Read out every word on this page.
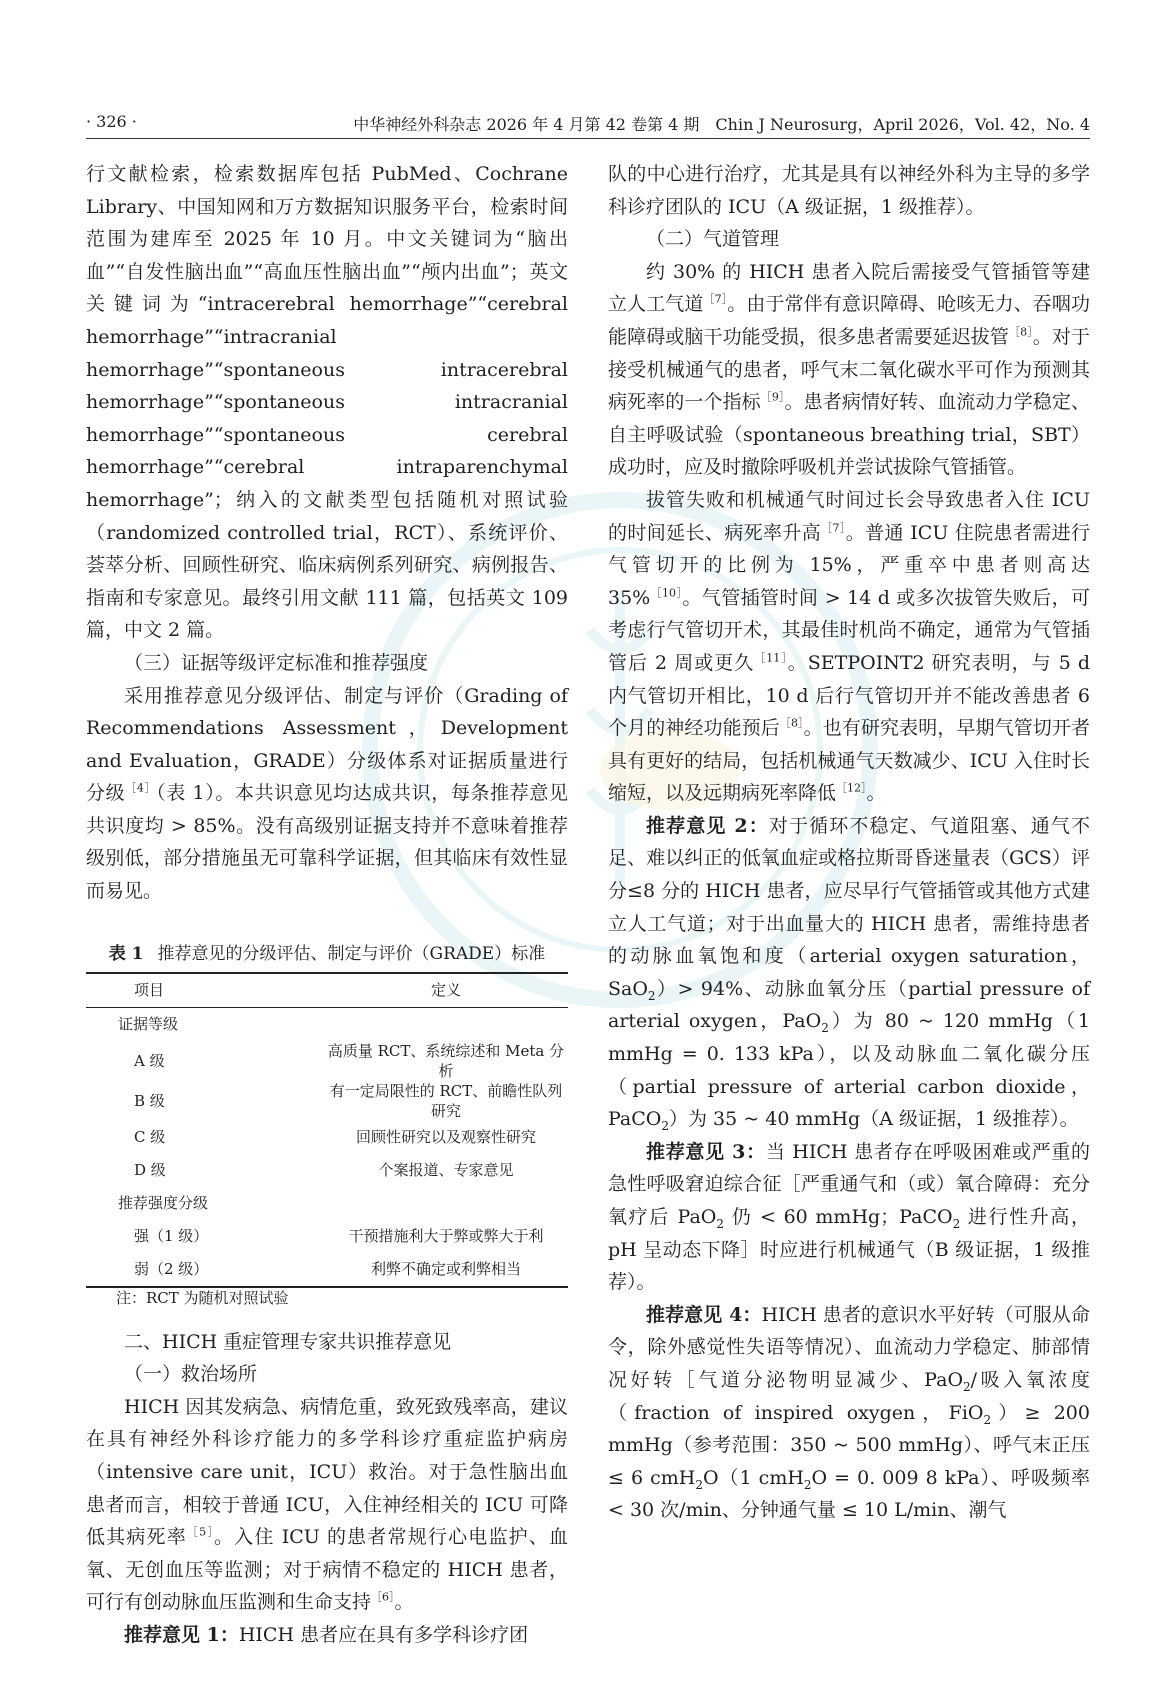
· 326 ·	中华神经外科杂志 2026 年 4 月第 42 卷第 4 期　Chin J Neurosurg，April 2026，Vol. 42，No. 4

行文献检索，检索数据库包括 PubMed、Cochrane Library、中国知网和万方数据知识服务平台，检索时间范围为建库至 2025 年 10 月。中文关键词为“脑出血”“自发性脑出血”“高血压性脑出血”“颅内出血”；英文关键词为“intracerebral hemorrhage”“cerebral hemorrhage”“intracranial hemorrhage”“spontaneous intracerebral hemorrhage”“spontaneous intracranial hemorrhage”“spontaneous cerebral hemorrhage”“cerebral intraparenchymal hemorrhage”；纳入的文献类型包括随机对照试验（randomized controlled trial，RCT）、系统评价、荟萃分析、回顾性研究、临床病例系列研究、病例报告、指南和专家意见。最终引用文献 111 篇，包括英文 109 篇，中文 2 篇。

（三）证据等级评定标准和推荐强度

采用推荐意见分级评估、制定与评价（Grading of Recommendations Assessment，Development and Evaluation，GRADE）分级体系对证据质量进行分级$^{[4]}$（表 1）。本共识意见均达成共识，每条推荐意见共识度均 > 85%。没有高级别证据支持并不意味着推荐级别低，部分措施虽无可靠科学证据，但其临床有效性显而易见。

表 1 推荐意见的分级评估、制定与评价（GRADE）标准
项目	定义
证据等级	
A 级	高质量 RCT、系统综述和 Meta 分析
B 级	有一定局限性的 RCT、前瞻性队列研究
C 级	回顾性研究以及观察性研究
D 级	个案报道、专家意见
推荐强度分级	
强（1 级）	干预措施利大于弊或弊大于利
弱（2 级）	利弊不确定或利弊相当

注：RCT 为随机对照试验

二、HICH 重症管理专家共识推荐意见

（一）救治场所

HICH 因其发病急、病情危重，致死致残率高，建议在具有神经外科诊疗能力的多学科诊疗重症监护病房（intensive care unit，ICU）救治。对于急性脑出血患者而言，相较于普通 ICU，入住神经相关的 ICU 可降低其病死率$^{[5]}$。入住 ICU 的患者常规行心电监护、血氧、无创血压等监测；对于病情不稳定的 HICH 患者，可行有创动脉血压监测和生命支持$^{[6]}$。

推荐意见 1：HICH 患者应在具有多学科诊疗团

队的中心进行治疗，尤其是具有以神经外科为主导的多学科诊疗团队的 ICU（A 级证据，1 级推荐）。

（二）气道管理

约 30% 的 HICH 患者入院后需接受气管插管等建立人工气道$^{[7]}$。由于常伴有意识障碍、呛咳无力、吞咽功能障碍或脑干功能受损，很多患者需要延迟拔管$^{[8]}$。对于接受机械通气的患者，呼气末二氧化碳水平可作为预测其病死率的一个指标$^{[9]}$。患者病情好转、血流动力学稳定、自主呼吸试验（spontaneous breathing trial，SBT）成功时，应及时撤除呼吸机并尝试拔除气管插管。

拔管失败和机械通气时间过长会导致患者入住 ICU 的时间延长、病死率升高$^{[7]}$。普通 ICU 住院患者需进行气管切开的比例为 15%，严重卒中患者则高达 35%$^{[10]}$。气管插管时间 > 14 d 或多次拔管失败后，可考虑行气管切开术，其最佳时机尚不确定，通常为气管插管后 2 周或更久$^{[11]}$。SETPOINT2 研究表明，与 5 d 内气管切开相比，10 d 后行气管切开并不能改善患者 6 个月的神经功能预后$^{[8]}$。也有研究表明，早期气管切开者具有更好的结局，包括机械通气天数减少、ICU 入住时长缩短，以及远期病死率降低$^{[12]}$。

推荐意见 2：对于循环不稳定、气道阻塞、通气不足、难以纠正的低氧血症或格拉斯哥昏迷量表（GCS）评分≤8 分的 HICH 患者，应尽早行气管插管或其他方式建立人工气道；对于出血量大的 HICH 患者，需维持患者的动脉血氧饱和度（arterial oxygen saturation，SaO$_2$）> 94%、动脉血氧分压（partial pressure of arterial oxygen，PaO$_2$）为 80 ~ 120 mmHg（1 mmHg = 0. 133 kPa），以及动脉血二氧化碳分压（partial pressure of arterial carbon dioxide，PaCO$_2$）为 35 ~ 40 mmHg（A 级证据，1 级推荐）。

推荐意见 3：当 HICH 患者存在呼吸困难或严重的急性呼吸窘迫综合征［严重通气和（或）氧合障碍：充分氧疗后 PaO$_2$ 仍 < 60 mmHg；PaCO$_2$ 进行性升高，pH 呈动态下降］时应进行机械通气（B 级证据，1 级推荐）。

推荐意见 4：HICH 患者的意识水平好转（可服从命令，除外感觉性失语等情况）、血流动力学稳定、肺部情况好转［气道分泌物明显减少、PaO$_2$/吸入氧浓度（fraction of inspired oxygen，FiO$_2$）≥ 200 mmHg（参考范围：350 ~ 500 mmHg）、呼气末正压 ≤ 6 cmH$_2$O（1 cmH$_2$O = 0. 009 8 kPa）、呼吸频率 < 30 次/min、分钟通气量 ≤ 10 L/min、潮气
